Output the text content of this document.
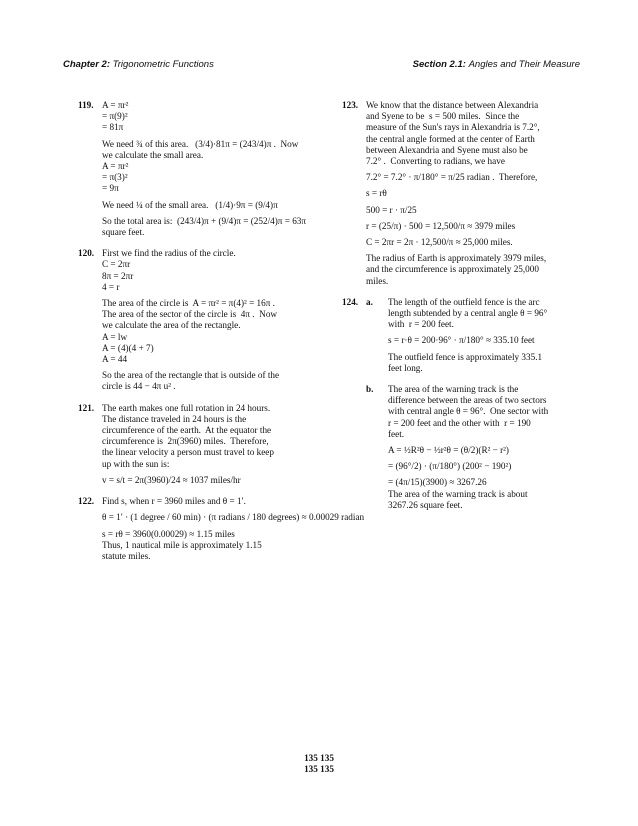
Chapter 2: Trigonometric Functions	Section 2.1: Angles and Their Measure
119. A = πr²
= π(9)²
= 81π
We need ¾ of this area.   (3/4)·81π = (243/4)π .  Now
we calculate the small area.
A = πr²
= π(3)²
= 9π
We need ¼ of the small area.   (1/4)·9π = (9/4)π
So the total area is:  (243/4)π + (9/4)π = (252/4)π = 63π
square feet.
120. First we find the radius of the circle.
C = 2πr
8π = 2πr
4 = r
The area of the circle is  A = πr² = π(4)² = 16π .
The area of the sector of the circle is  4π .  Now
we calculate the area of the rectangle.
A = lw
A = (4)(4 + 7)
A = 44
So the area of the rectangle that is outside of the
circle is 44 − 4π u² .
121. The earth makes one full rotation in 24 hours.
The distance traveled in 24 hours is the
circumference of the earth.  At the equator the
circumference is  2π(3960) miles.  Therefore,
the linear velocity a person must travel to keep
up with the sun is:
v = s/t = 2π(3960)/24 ≈ 1037 miles/hr
122. Find s, when r = 3960 miles and θ = 1′.
θ = 1′ · (1 degree / 60 min) · (π radians / 180 degrees) ≈ 0.00029 radian
s = rθ = 3960(0.00029) ≈ 1.15 miles
Thus, 1 nautical mile is approximately 1.15
statute miles.
123. We know that the distance between Alexandria
and Syene to be  s = 500 miles.  Since the
measure of the Sun's rays in Alexandria is 7.2°,
the central angle formed at the center of Earth
between Alexandria and Syene must also be
7.2° .  Converting to radians, we have
7.2° = 7.2° · π/180° = π/25 radian .  Therefore,
s = rθ
500 = r · π/25
r = (25/π) · 500 = 12,500/π ≈ 3979 miles
C = 2πr = 2π · 12,500/π ≈ 25,000 miles.
The radius of Earth is approximately 3979 miles,
and the circumference is approximately 25,000
miles.
124. a. The length of the outfield fence is the arc
length subtended by a central angle θ = 96°
with  r = 200 feet.
s = r·θ = 200·96° · π/180° ≈ 335.10 feet
The outfield fence is approximately 335.1
feet long.
b. The area of the warning track is the
difference between the areas of two sectors
with central angle θ = 96°.  One sector with
r = 200 feet and the other with  r = 190
feet.
A = ½R²θ − ½r²θ = (θ/2)(R² − r²)
= (96°/2) · (π/180°) (200² − 190²)
= (4π/15)(3900) ≈ 3267.26
The area of the warning track is about
3267.26 square feet.
135 135
135 135
